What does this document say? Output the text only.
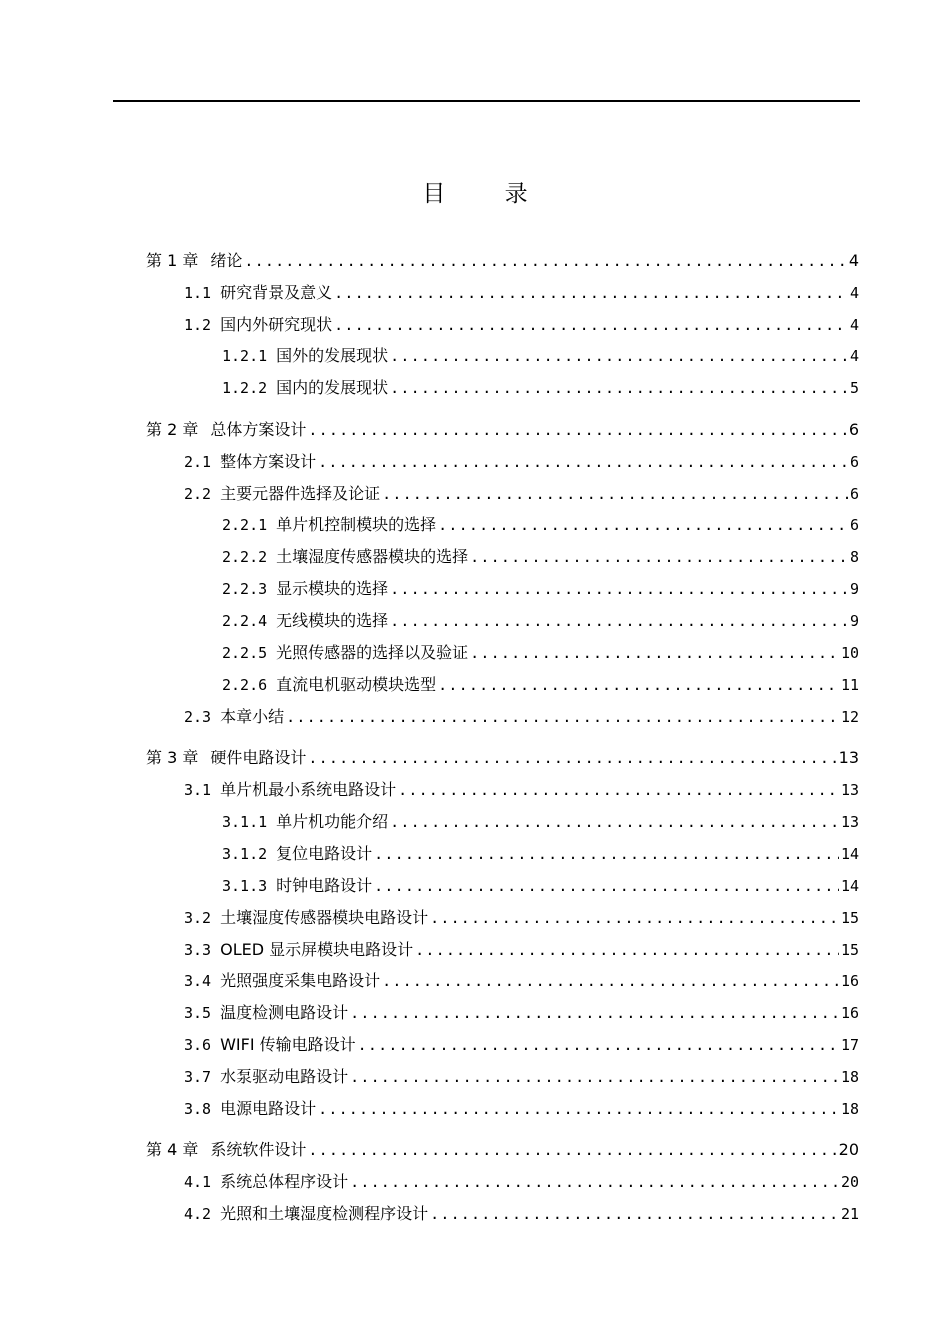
目 录
第 1 章 绪论 .....	4
1.1 研究背景及意义 .....	4
1.2 国内外研究现状 .....	4
1.2.1 国外的发展现状 .....	4
1.2.2 国内的发展现状 .....	5
第 2 章 总体方案设计 .....	6
2.1 整体方案设计 .....	6
2.2 主要元器件选择及论证 .....	6
2.2.1 单片机控制模块的选择 .....	6
2.2.2 土壤湿度传感器模块的选择 .....	8
2.2.3 显示模块的选择 .....	9
2.2.4 无线模块的选择 .....	9
2.2.5 光照传感器的选择以及验证 .....	10
2.2.6 直流电机驱动模块选型 .....	11
2.3 本章小结 .....	12
第 3 章 硬件电路设计 .....	13
3.1 单片机最小系统电路设计 .....	13
3.1.1 单片机功能介绍 .....	13
3.1.2 复位电路设计 .....	14
3.1.3 时钟电路设计 .....	14
3.2 土壤湿度传感器模块电路设计 .....	15
3.3 OLED 显示屏模块电路设计 .....	15
3.4 光照强度采集电路设计 .....	16
3.5 温度检测电路设计 .....	16
3.6 WIFI 传输电路设计 .....	17
3.7 水泵驱动电路设计 .....	18
3.8 电源电路设计 .....	18
第 4 章 系统软件设计 .....	20
4.1 系统总体程序设计 .....	20
4.2 光照和土壤湿度检测程序设计 .....	21
